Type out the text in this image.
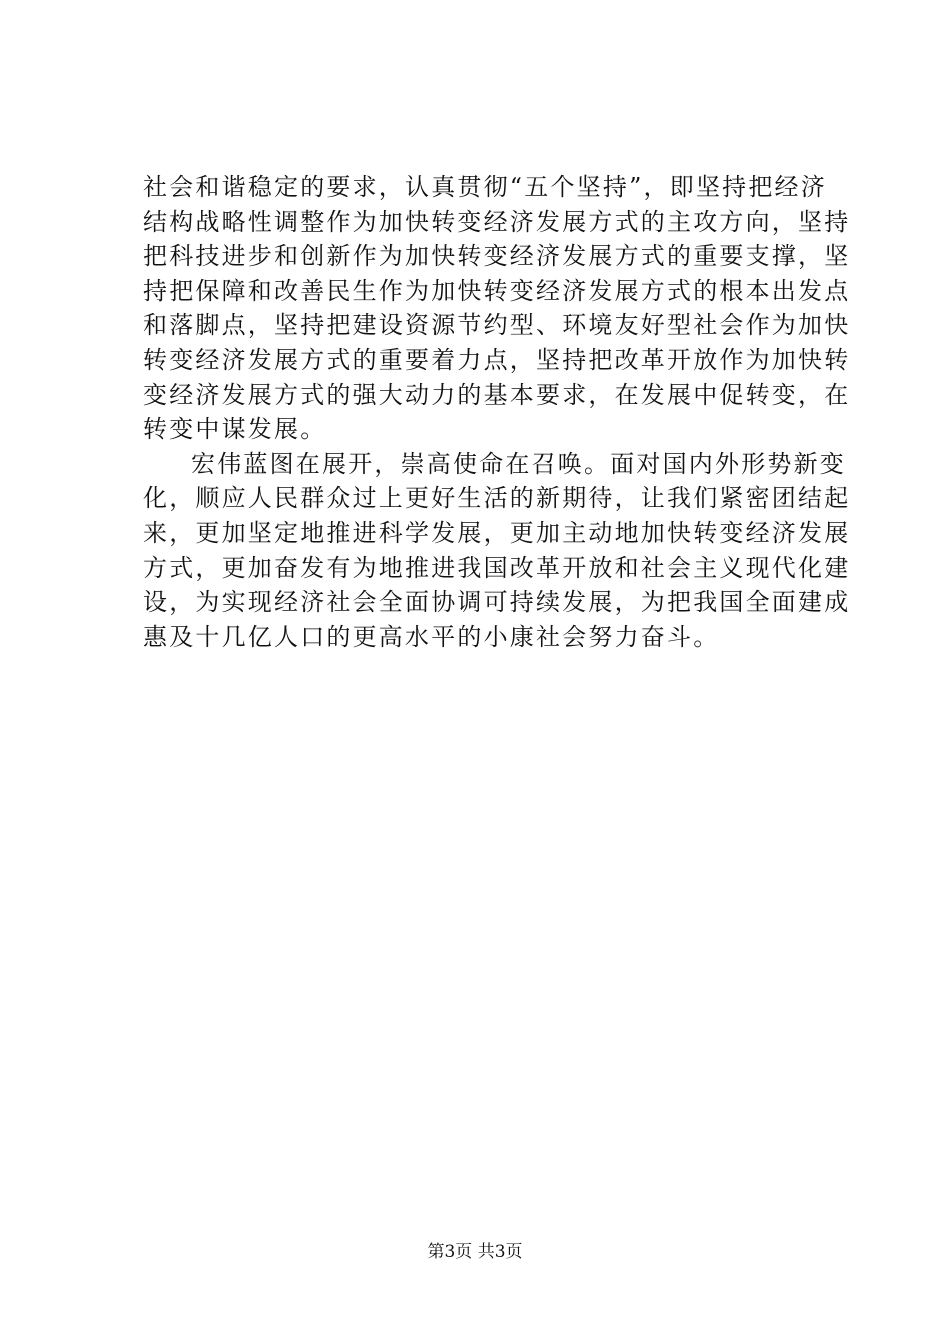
社会和谐稳定的要求，认真贯彻“五个坚持”，即坚持把经济
结构战略性调整作为加快转变经济发展方式的主攻方向，坚持
把科技进步和创新作为加快转变经济发展方式的重要支撑，坚
持把保障和改善民生作为加快转变经济发展方式的根本出发点
和落脚点，坚持把建设资源节约型、环境友好型社会作为加快
转变经济发展方式的重要着力点，坚持把改革开放作为加快转
变经济发展方式的强大动力的基本要求，在发展中促转变，在
转变中谋发展。
宏伟蓝图在展开，崇高使命在召唤。面对国内外形势新变
化，顺应人民群众过上更好生活的新期待，让我们紧密团结起
来，更加坚定地推进科学发展，更加主动地加快转变经济发展
方式，更加奋发有为地推进我国改革开放和社会主义现代化建
设，为实现经济社会全面协调可持续发展，为把我国全面建成
惠及十几亿人口的更高水平的小康社会努力奋斗。
第3页 共3页
